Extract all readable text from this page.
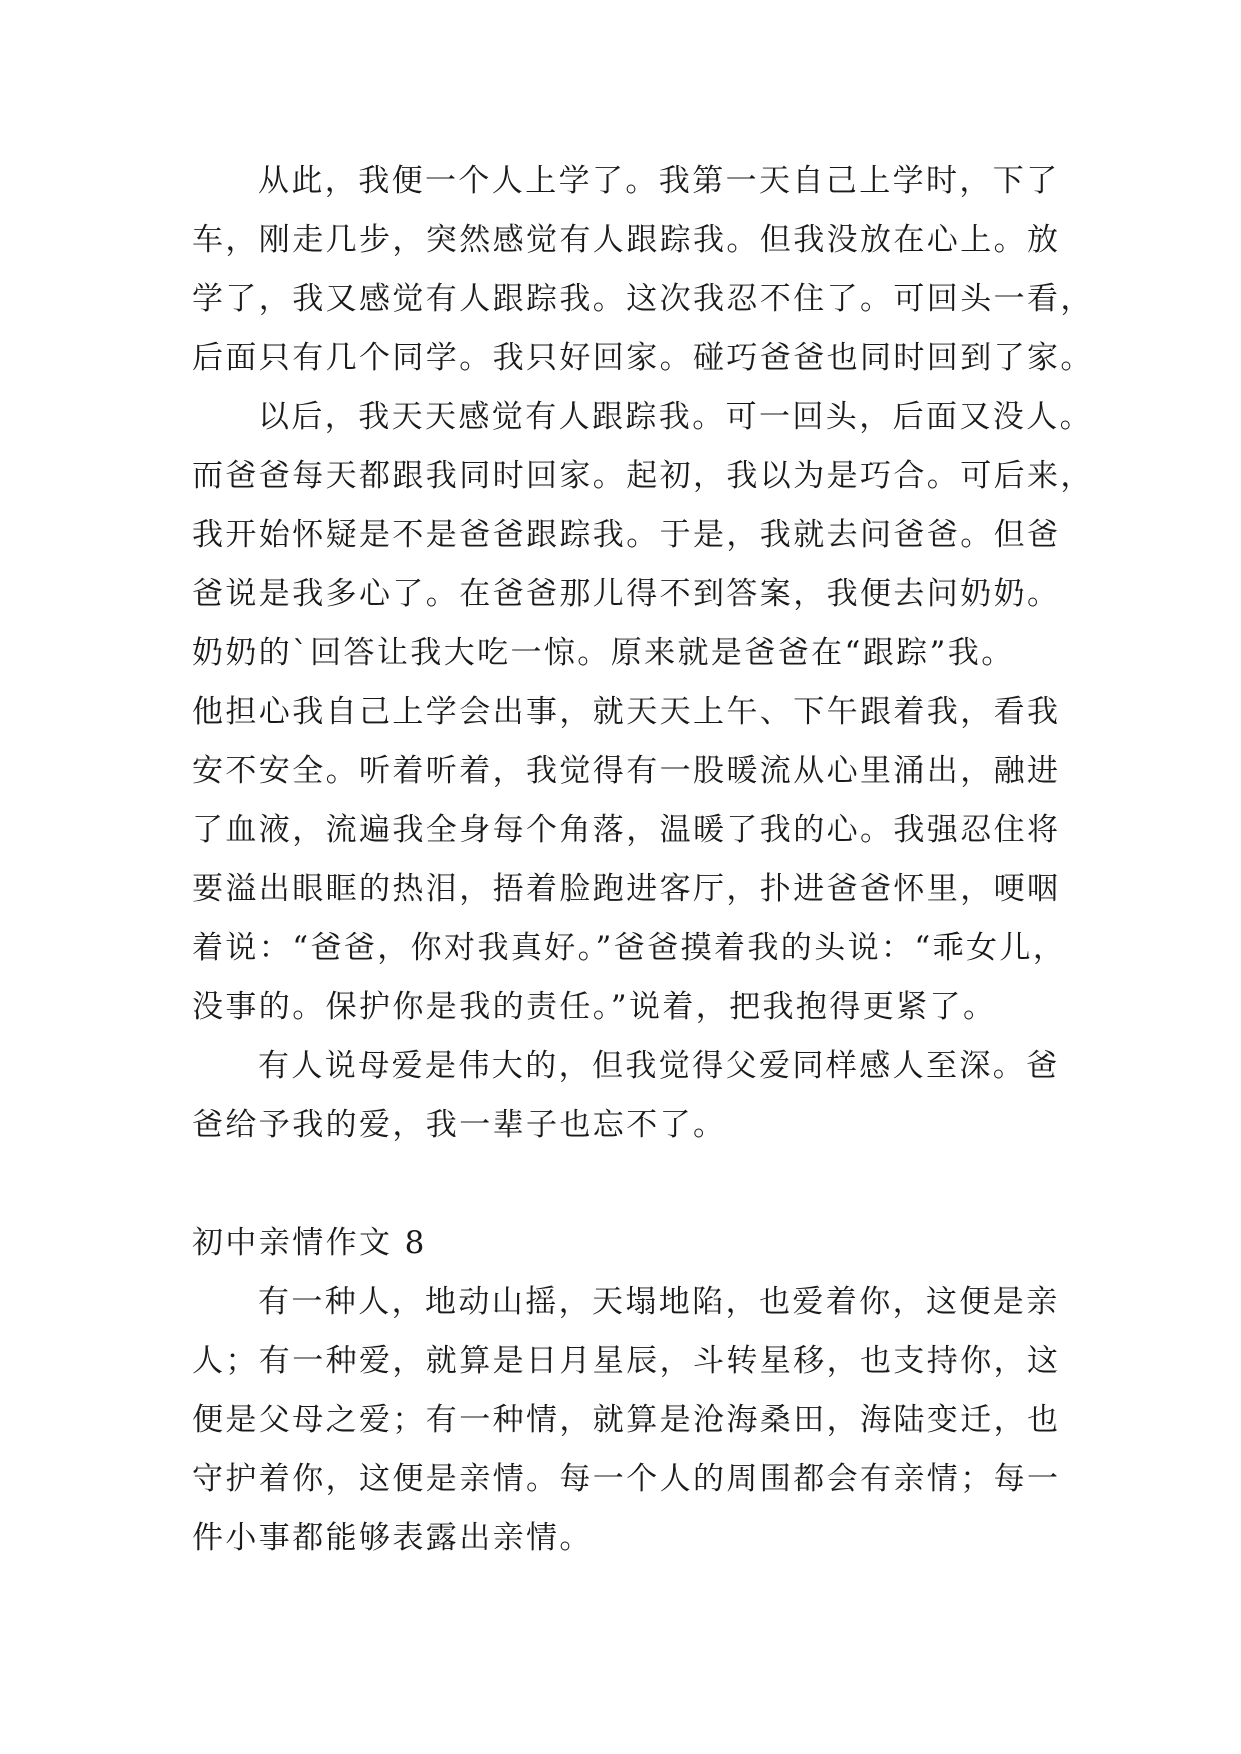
从此，我便一个人上学了。我第一天自己上学时，下了
车，刚走几步，突然感觉有人跟踪我。但我没放在心上。放
学了，我又感觉有人跟踪我。这次我忍不住了。可回头一看，
后面只有几个同学。我只好回家。碰巧爸爸也同时回到了家。
以后，我天天感觉有人跟踪我。可一回头，后面又没人。
而爸爸每天都跟我同时回家。起初，我以为是巧合。可后来，
我开始怀疑是不是爸爸跟踪我。于是，我就去问爸爸。但爸
爸说是我多心了。在爸爸那儿得不到答案，我便去问奶奶。
奶奶的`回答让我大吃一惊。原来就是爸爸在“跟踪”我。
他担心我自己上学会出事，就天天上午、下午跟着我，看我
安不安全。听着听着，我觉得有一股暖流从心里涌出，融进
了血液，流遍我全身每个角落，温暖了我的心。我强忍住将
要溢出眼眶的热泪，捂着脸跑进客厅，扑进爸爸怀里，哽咽
着说：“爸爸，你对我真好。”爸爸摸着我的头说：“乖女儿，
没事的。保护你是我的责任。”说着，把我抱得更紧了。
有人说母爱是伟大的，但我觉得父爱同样感人至深。爸
爸给予我的爱，我一辈子也忘不了。
初中亲情作文 8
有一种人，地动山摇，天塌地陷，也爱着你，这便是亲
人；有一种爱，就算是日月星辰，斗转星移，也支持你，这
便是父母之爱；有一种情，就算是沧海桑田，海陆变迁，也
守护着你，这便是亲情。每一个人的周围都会有亲情；每一
件小事都能够表露出亲情。
